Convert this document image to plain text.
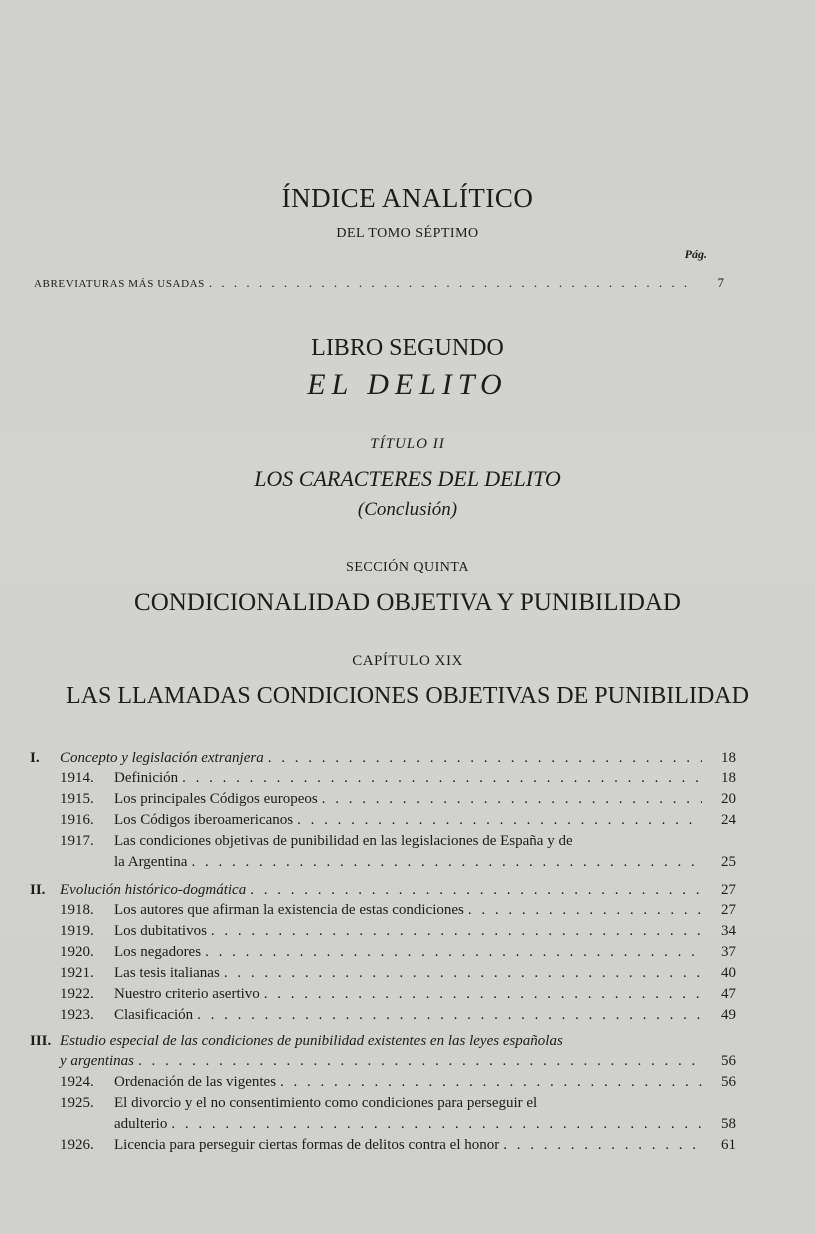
ÍNDICE ANALÍTICO
DEL TOMO SÉPTIMO
Pág.
ABREVIATURAS MÁS USADAS . . .	7
LIBRO SEGUNDO
EL DELITO
TÍTULO II
LOS CARACTERES DEL DELITO
(Conclusión)
SECCIÓN QUINTA
CONDICIONALIDAD OBJETIVA Y PUNIBILIDAD
CAPÍTULO XIX
LAS LLAMADAS CONDICIONES OBJETIVAS DE PUNIBILIDAD
I.	Concepto y legislación extranjera . . .	18
1914.	Definición . . .	18
1915.	Los principales Códigos europeos . . .	20
1916.	Los Códigos iberoamericanos . . .	24
1917.	Las condiciones objetivas de punibilidad en las legislaciones de España y de
la Argentina . . .	25
II. Evolución histórico-dogmática . . .	27
1918.	Los autores que afirman la existencia de estas condiciones . . .	27
1919.	Los dubitativos . . .	34
1920.	Los negadores . . .	37
1921.	Las tesis italianas . . .	40
1922.	Nuestro criterio asertivo . . .	47
1923.	Clasificación . . .	49
III. Estudio especial de las condiciones de punibilidad existentes en las leyes españolas
y argentinas . . .	56
1924.	Ordenación de las vigentes . . .	56
1925.	El divorcio y el no consentimiento como condiciones para perseguir el
adulterio . . .	58
1926.	Licencia para perseguir ciertas formas de delitos contra el honor . . .	61
